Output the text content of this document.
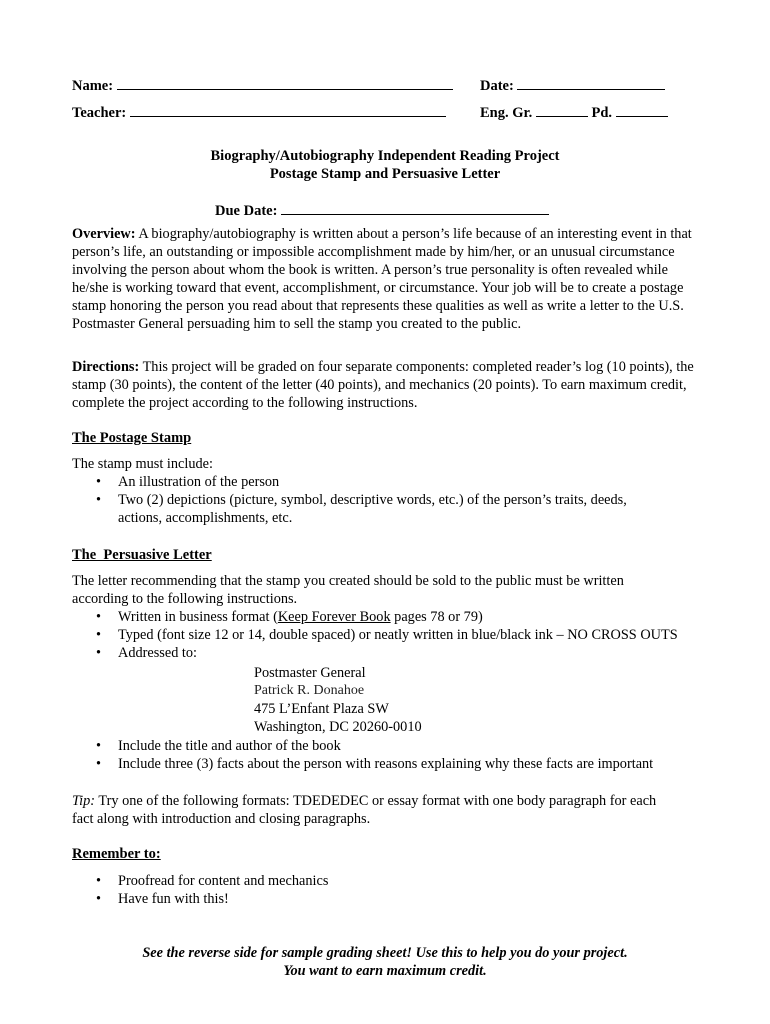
Name:	Date:
Teacher:	Eng. Gr.	Pd.
Biography/Autobiography Independent Reading Project
Postage Stamp and Persuasive Letter
Due Date:
Overview: A biography/autobiography is written about a person’s life because of an interesting event in that person’s life, an outstanding or impossible accomplishment made by him/her, or an unusual circumstance involving the person about whom the book is written. A person’s true personality is often revealed while he/she is working toward that event, accomplishment, or circumstance. Your job will be to create a postage stamp honoring the person you read about that represents these qualities as well as write a letter to the U.S. Postmaster General persuading him to sell the stamp you created to the public.
Directions: This project will be graded on four separate components: completed reader’s log (10 points), the stamp (30 points), the content of the letter (40 points), and mechanics (20 points). To earn maximum credit, complete the project according to the following instructions.
The Postage Stamp
The stamp must include:
• An illustration of the person
• Two (2) depictions (picture, symbol, descriptive words, etc.) of the person’s traits, deeds, actions, accomplishments, etc.
The  Persuasive Letter
The letter recommending that the stamp you created should be sold to the public must be written according to the following instructions.
• Written in business format (Keep Forever Book pages 78 or 79)
• Typed (font size 12 or 14, double spaced) or neatly written in blue/black ink – NO CROSS OUTS
• Addressed to:
Postmaster General
Patrick R. Donahoe
475 L’Enfant Plaza SW
Washington, DC 20260-0010
• Include the title and author of the book
• Include three (3) facts about the person with reasons explaining why these facts are important
Tip: Try one of the following formats: TDEDEDEC or essay format with one body paragraph for each fact along with introduction and closing paragraphs.
Remember to:
• Proofread for content and mechanics
• Have fun with this!
See the reverse side for sample grading sheet! Use this to help you do your project.
You want to earn maximum credit.
